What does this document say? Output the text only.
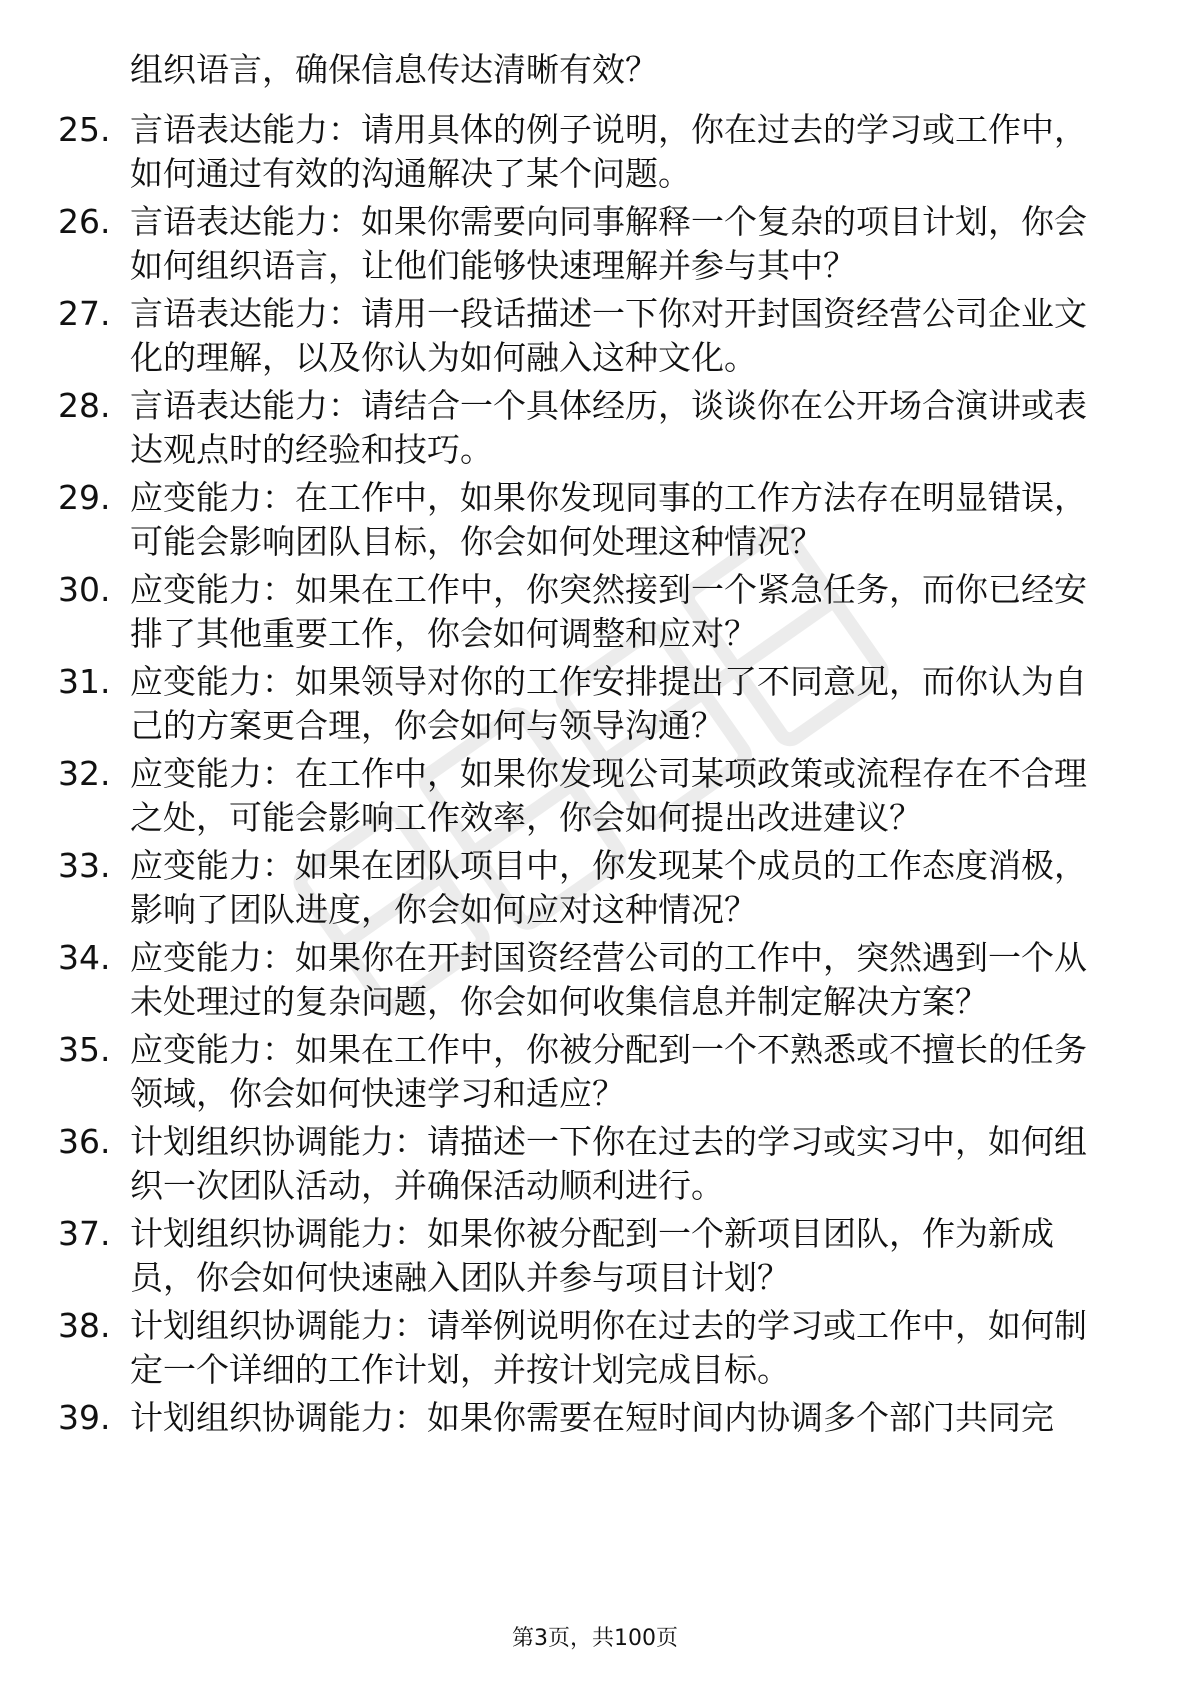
组织语言，确保信息传达清晰有效？

25. 言语表达能力：请用具体的例子说明，你在过去的学习或工作中，如何通过有效的沟通解决了某个问题。

26. 言语表达能力：如果你需要向同事解释一个复杂的项目计划，你会如何组织语言，让他们能够快速理解并参与其中？

27. 言语表达能力：请用一段话描述一下你对开封国资经营公司企业文化的理解，以及你认为如何融入这种文化。

28. 言语表达能力：请结合一个具体经历，谈谈你在公开场合演讲或表达观点时的经验和技巧。

29. 应变能力：在工作中，如果你发现同事的工作方法存在明显错误，可能会影响团队目标，你会如何处理这种情况？

30. 应变能力：如果在工作中，你突然接到一个紧急任务，而你已经安排了其他重要工作，你会如何调整和应对？

31. 应变能力：如果领导对你的工作安排提出了不同意见，而你认为自己的方案更合理，你会如何与领导沟通？

32. 应变能力：在工作中，如果你发现公司某项政策或流程存在不合理之处，可能会影响工作效率，你会如何提出改进建议？

33. 应变能力：如果在团队项目中，你发现某个成员的工作态度消极，影响了团队进度，你会如何应对这种情况？

34. 应变能力：如果你在开封国资经营公司的工作中，突然遇到一个从未处理过的复杂问题，你会如何收集信息并制定解决方案？

35. 应变能力：如果在工作中，你被分配到一个不熟悉或不擅长的任务领域，你会如何快速学习和适应？

36. 计划组织协调能力：请描述一下你在过去的学习或实习中，如何组织一次团队活动，并确保活动顺利进行。

37. 计划组织协调能力：如果你被分配到一个新项目团队，作为新成员，你会如何快速融入团队并参与项目计划？

38. 计划组织协调能力：请举例说明你在过去的学习或工作中，如何制定一个详细的工作计划，并按计划完成目标。

39. 计划组织协调能力：如果你需要在短时间内协调多个部门共同完

第3页，共100页
